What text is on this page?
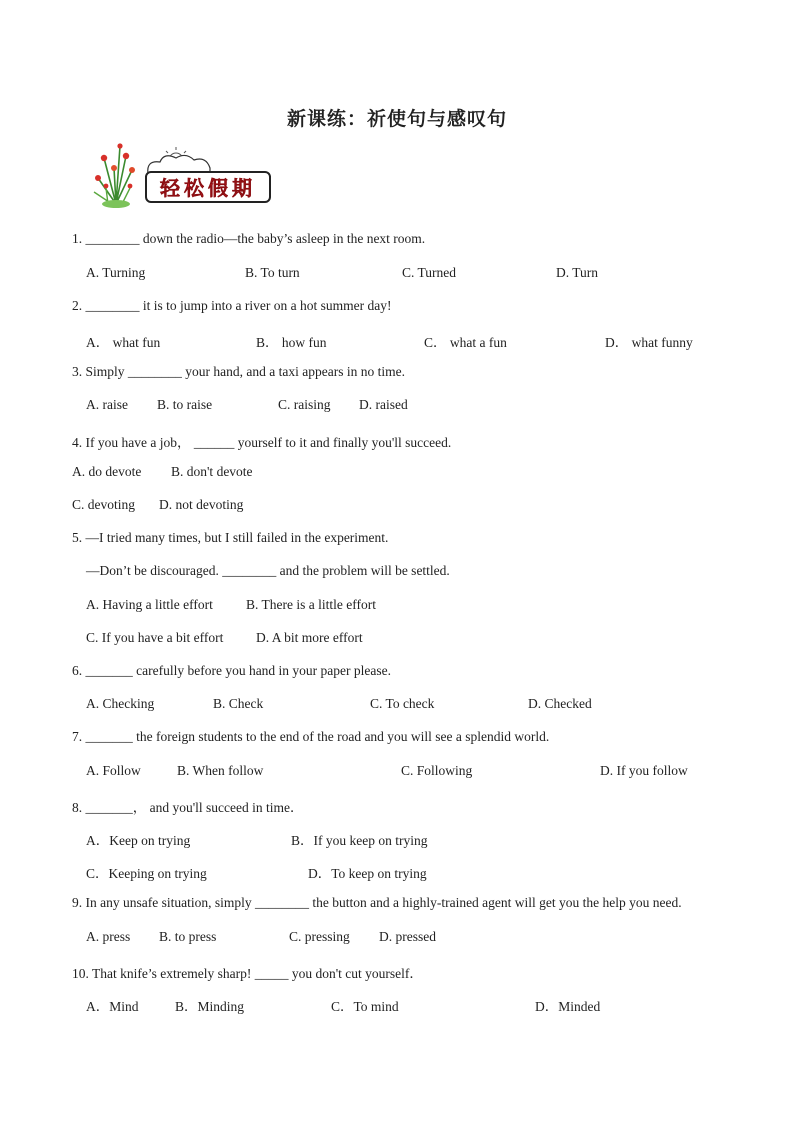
新课练：祈使句与感叹句
轻松假期
1. ________ down the radio—the baby’s asleep in the next room.
A. Turning	B. To turn	C. Turned	D. Turn
2. ________ it is to jump into a river on a hot summer day!
A． what fun	B． how fun	C． what a fun	D． what funny
3. Simply ________ your hand, and a taxi appears in no time.
A. raise B. to raise	C. raising D. raised
4. If you have a job， ______ yourself to it and finally you'll succeed.
A. do devote B. don't devote
C. devoting D. not devoting
5. —I tried many times, but I still failed in the experiment.
—Don’t be discouraged. ________ and the problem will be settled.
A. Having a little effort B. There is a little effort
C. If you have a bit effort D. A bit more effort
6. _______ carefully before you hand in your paper please.
A. Checking	B. Check	C. To check	D. Checked
7. _______ the foreign students to the end of the road and you will see a splendid world.
A. Follow	B. When follow	C. Following	D. If you follow
8. _______， and you'll succeed in time．
A．Keep on trying	B．If you keep on trying
C．Keeping on trying	D．To keep on trying
9. In any unsafe situation, simply ________ the button and a highly-trained agent will get you the help you need.
A. press B. to press	C. pressing D. pressed
10. That knife’s extremely sharp! _____ you don't cut yourself．
A．Mind	B．Minding	C．To mind	D．Minded
